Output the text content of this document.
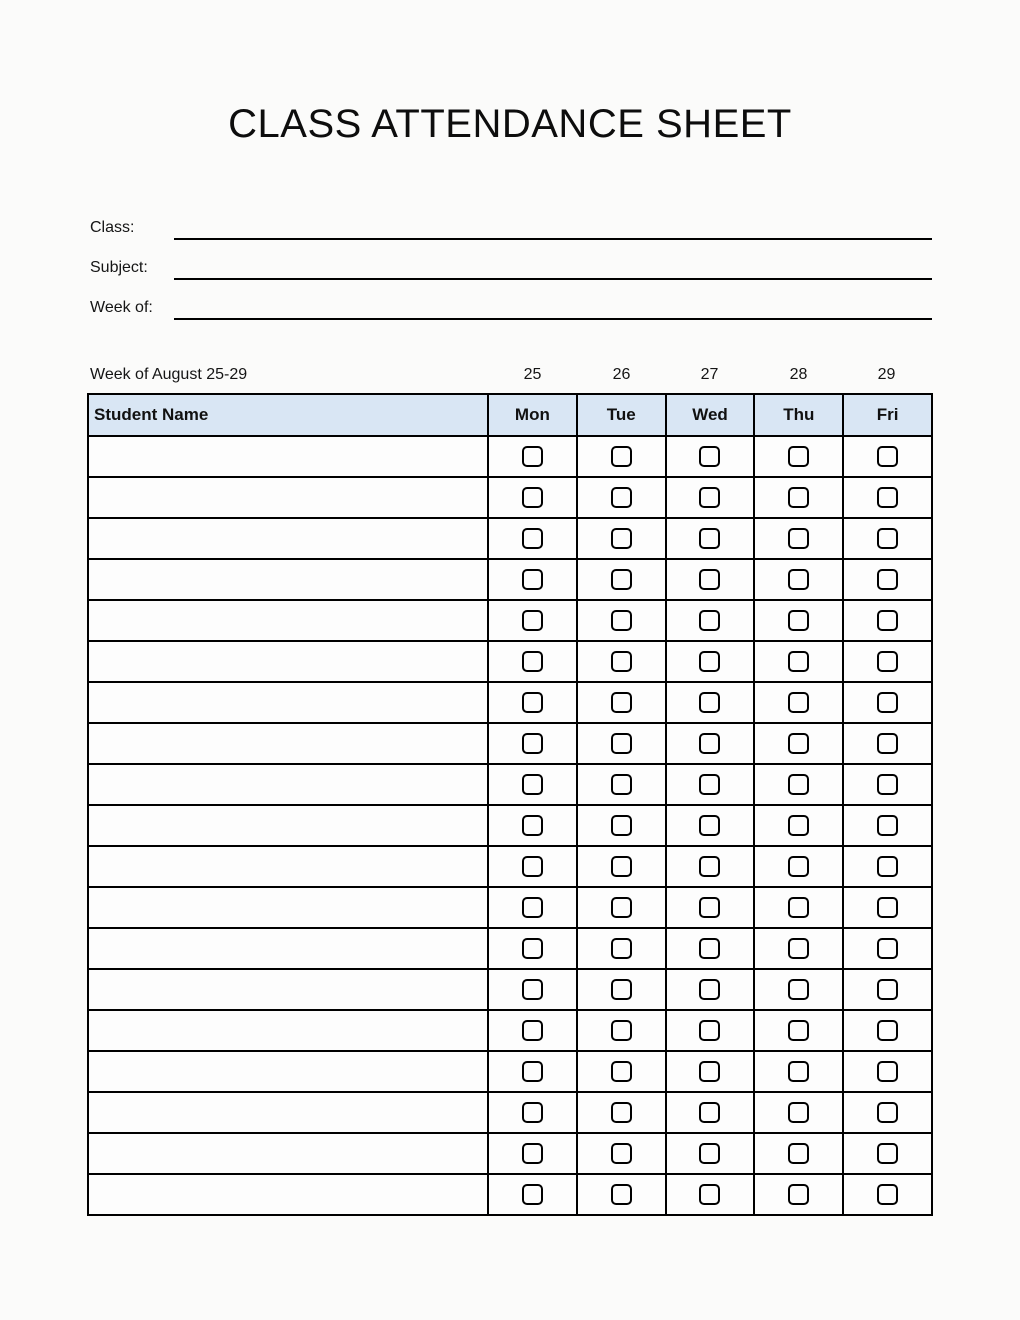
CLASS ATTENDANCE SHEET
Class:
Subject:
Week of:
Week of August 25-29	25	26	27	28	29
Student Name	Mon	Tue	Wed	Thu	Fri
